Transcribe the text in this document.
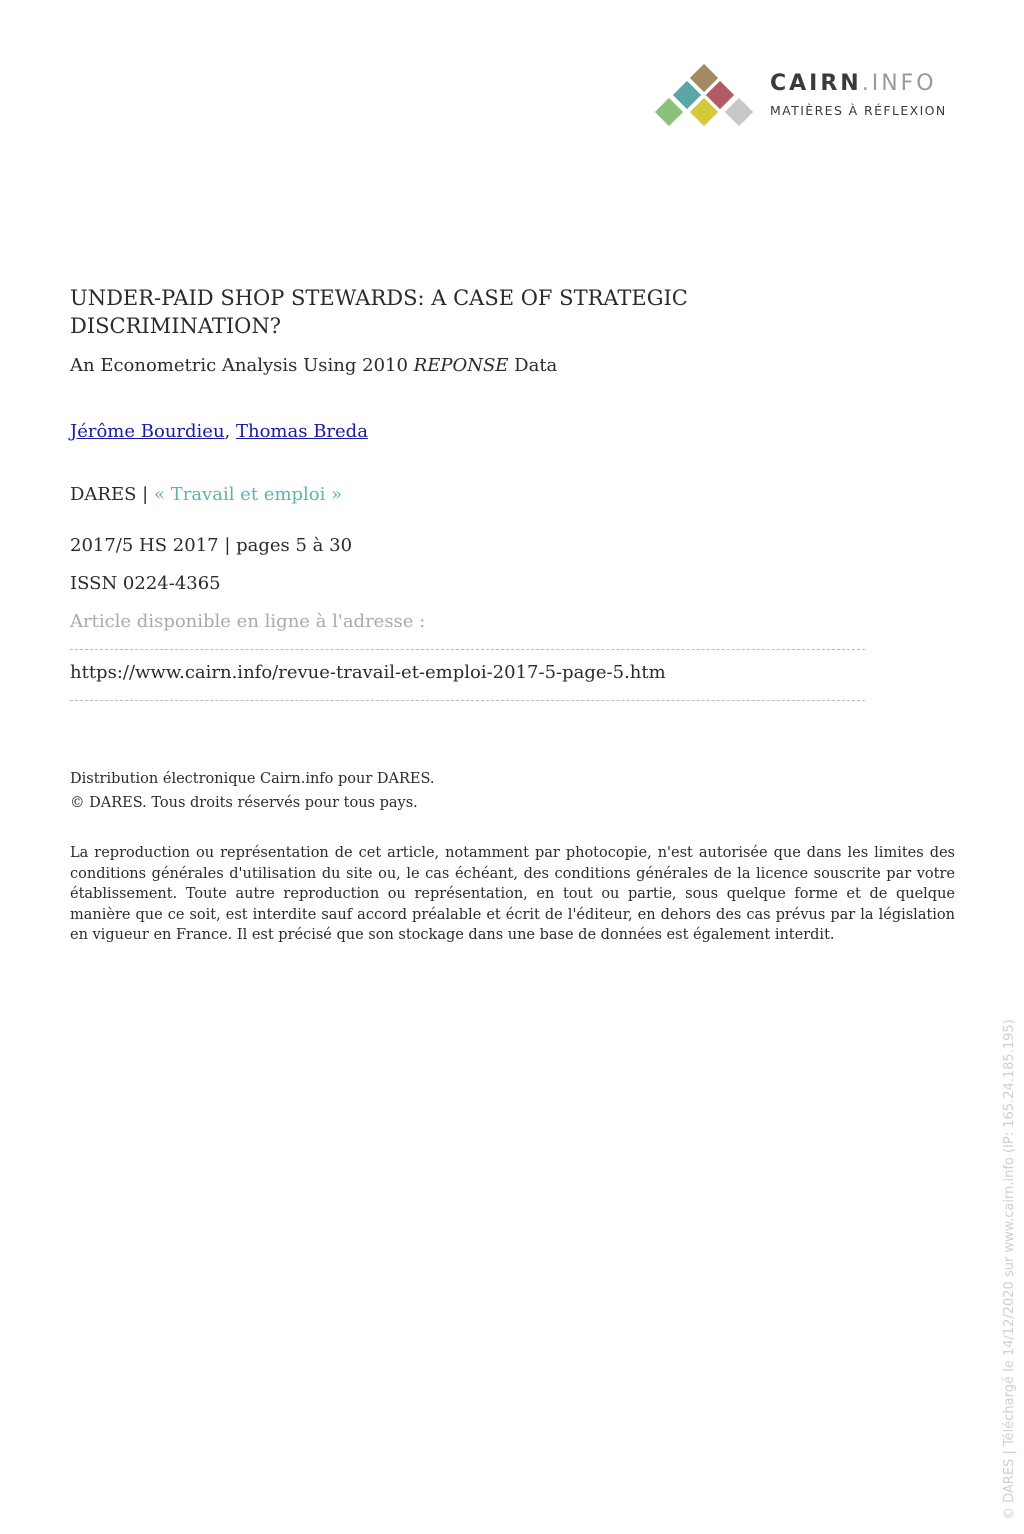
CAIRN.INFO
MATIÈRES À RÉFLEXION
UNDER-PAID SHOP STEWARDS: A CASE OF STRATEGIC DISCRIMINATION?
An Econometric Analysis Using 2010 REPONSE Data
Jérôme Bourdieu, Thomas Breda
DARES | « Travail et emploi »
2017/5 HS 2017 | pages 5 à 30
ISSN 0224-4365
Article disponible en ligne à l'adresse :
https://www.cairn.info/revue-travail-et-emploi-2017-5-page-5.htm
Distribution électronique Cairn.info pour DARES.
© DARES. Tous droits réservés pour tous pays.
La reproduction ou représentation de cet article, notamment par photocopie, n'est autorisée que dans les limites des conditions générales d'utilisation du site ou, le cas échéant, des conditions générales de la licence souscrite par votre établissement. Toute autre reproduction ou représentation, en tout ou partie, sous quelque forme et de quelque manière que ce soit, est interdite sauf accord préalable et écrit de l'éditeur, en dehors des cas prévus par la législation en vigueur en France. Il est précisé que son stockage dans une base de données est également interdit.
© DARES | Téléchargé le 14/12/2020 sur www.cairn.info (IP: 165.24.185.195)
